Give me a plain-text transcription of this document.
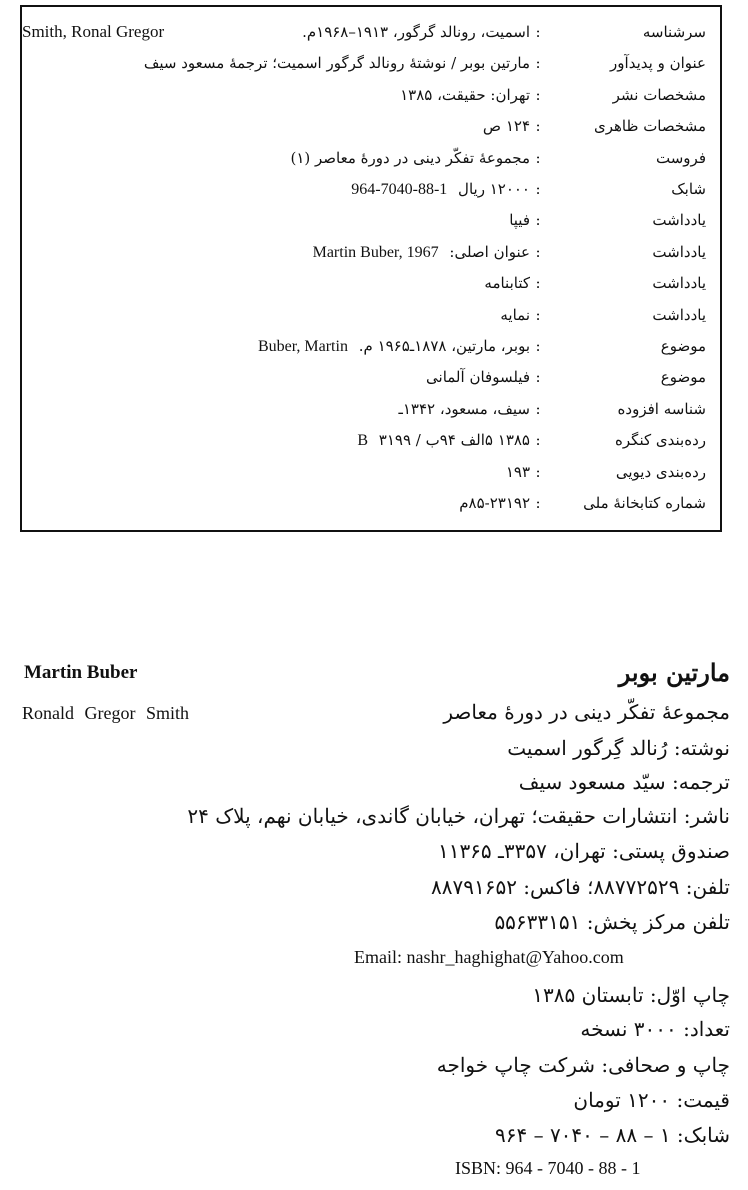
Smith, Ronal Gregor	سرشناسه
:
اسمیت، رونالد گرگور، ۱۹۱۳–۱۹۶۸م.
عنوان و پدیدآور
:
مارتین بوبر / نوشتهٔ رونالد گرگور اسمیت؛ ترجمهٔ مسعود سیف
مشخصات نشر
:
تهران: حقیقت، ۱۳۸۵
مشخصات ظاهری
:
۱۲۴ ص
فروست
:
مجموعهٔ تفکّر دینی در دورهٔ معاصر (۱)
شابک
:
۱۲۰۰۰ ریال 964-7040-88-1
یادداشت
:
فیپا
یادداشت
:
عنوان اصلی: Martin Buber, 1967
یادداشت
:
کتابنامه
یادداشت
:
نمایه
موضوع
:
بوبر، مارتین، ۱۸۷۸ـ۱۹۶۵ م. Buber, Martin
موضوع
:
فیلسوفان آلمانی
شناسه افزوده
:
سیف، مسعود، ۱۳۴۲ـ
رده‌بندی کنگره
:
۱۳۸۵ ۵الف ۹۴ب / ۳۱۹۹ B
رده‌بندی دیویی
:
۱۹۳
شماره کتابخانهٔ ملی
:
۸۵-۲۳۱۹۲م
مارتین بوبر
Martin Buber
مجموعهٔ تفکّر دینی در دورهٔ معاصر
Ronald Gregor Smith
نوشته: رُنالد گِرگور اسمیت
ترجمه: سیّد مسعود سیف
ناشر: انتشارات حقیقت؛ تهران، خیابان گاندی، خیابان نهم، پلاک ۲۴
صندوق پستی: تهران، ۳۳۵۷ـ ۱۱۳۶۵
تلفن: ۸۸۷۷۲۵۲۹؛ فاکس: ۸۸۷۹۱۶۵۲
تلفن مرکز پخش: ۵۵۶۳۳۱۵۱
Email: nashr_haghighat@Yahoo.com
چاپ اوّل: تابستان ۱۳۸۵
تعداد: ۳۰۰۰ نسخه
چاپ و صحافی: شرکت چاپ خواجه
قیمت: ۱۲۰۰ تومان
شابک: ۱ – ۸۸ – ۷۰۴۰ – ۹۶۴
ISBN: 964 - 7040 - 88 - 1
